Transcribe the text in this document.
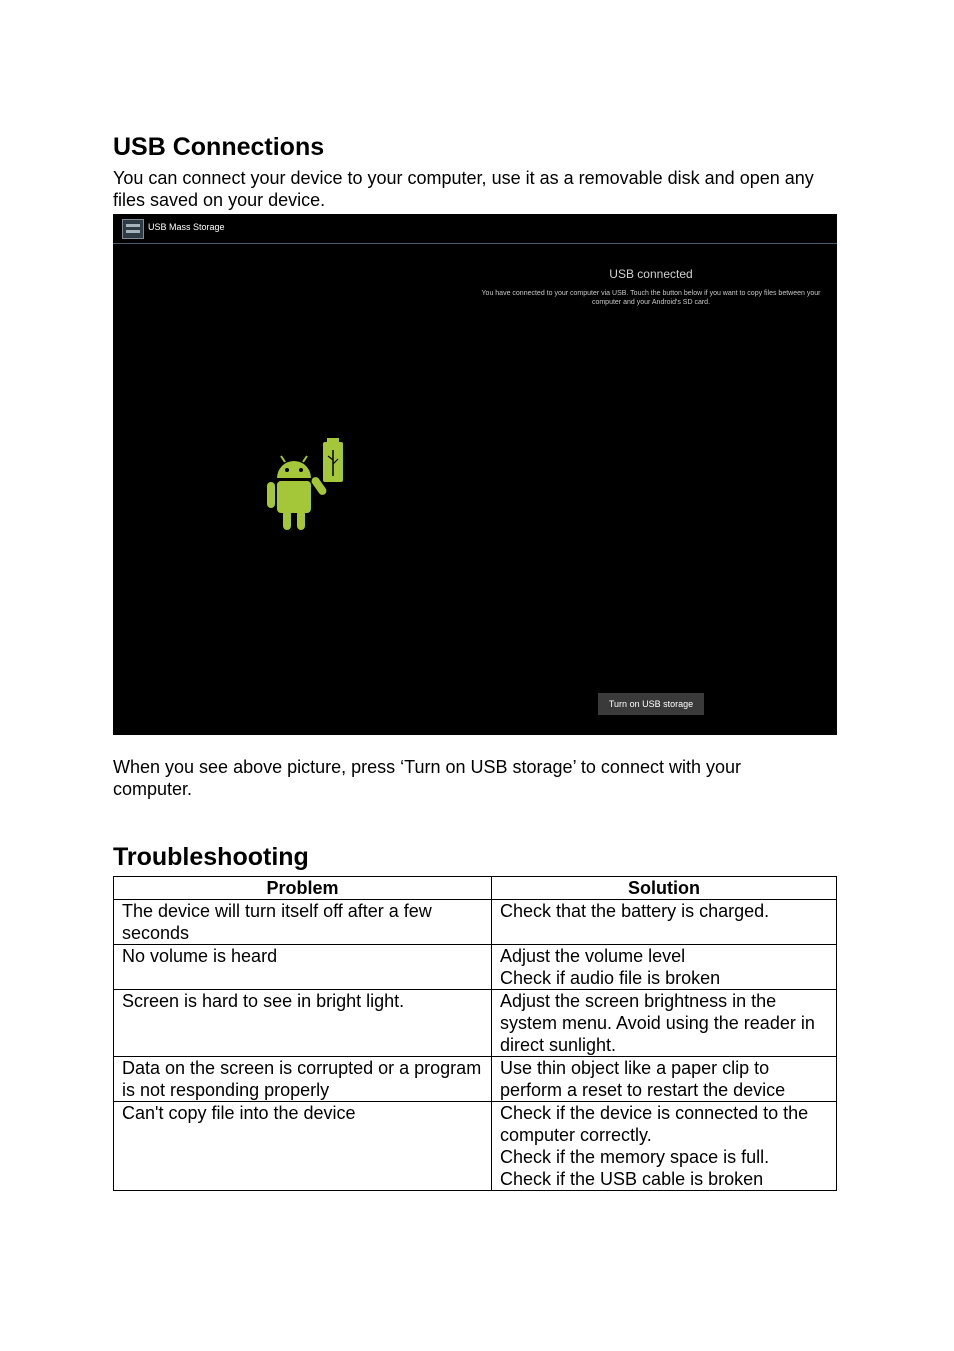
USB Connections

You can connect your device to your computer, use it as a removable disk and open any files saved on your device.

USB Mass Storage
USB connected
You have connected to your computer via USB. Touch the button below if you want to copy files between your computer and your Android's SD card.
Turn on USB storage

When you see above picture, press ‘Turn on USB storage’ to connect with your computer.

Troubleshooting
Problem	Solution
The device will turn itself off after a few seconds	Check that the battery is charged.

No volume is heard	Adjust the volume level
Check if audio file is broken

Screen is hard to see in bright light.	Adjust the screen brightness in the system menu. Avoid using the reader in direct sunlight.

Data on the screen is corrupted or a program is not responding properly	Use thin object like a paper clip to perform a reset to restart the device

Can't copy file into the device	Check if the device is connected to the computer correctly.
Check if the memory space is full.
Check if the USB cable is broken
